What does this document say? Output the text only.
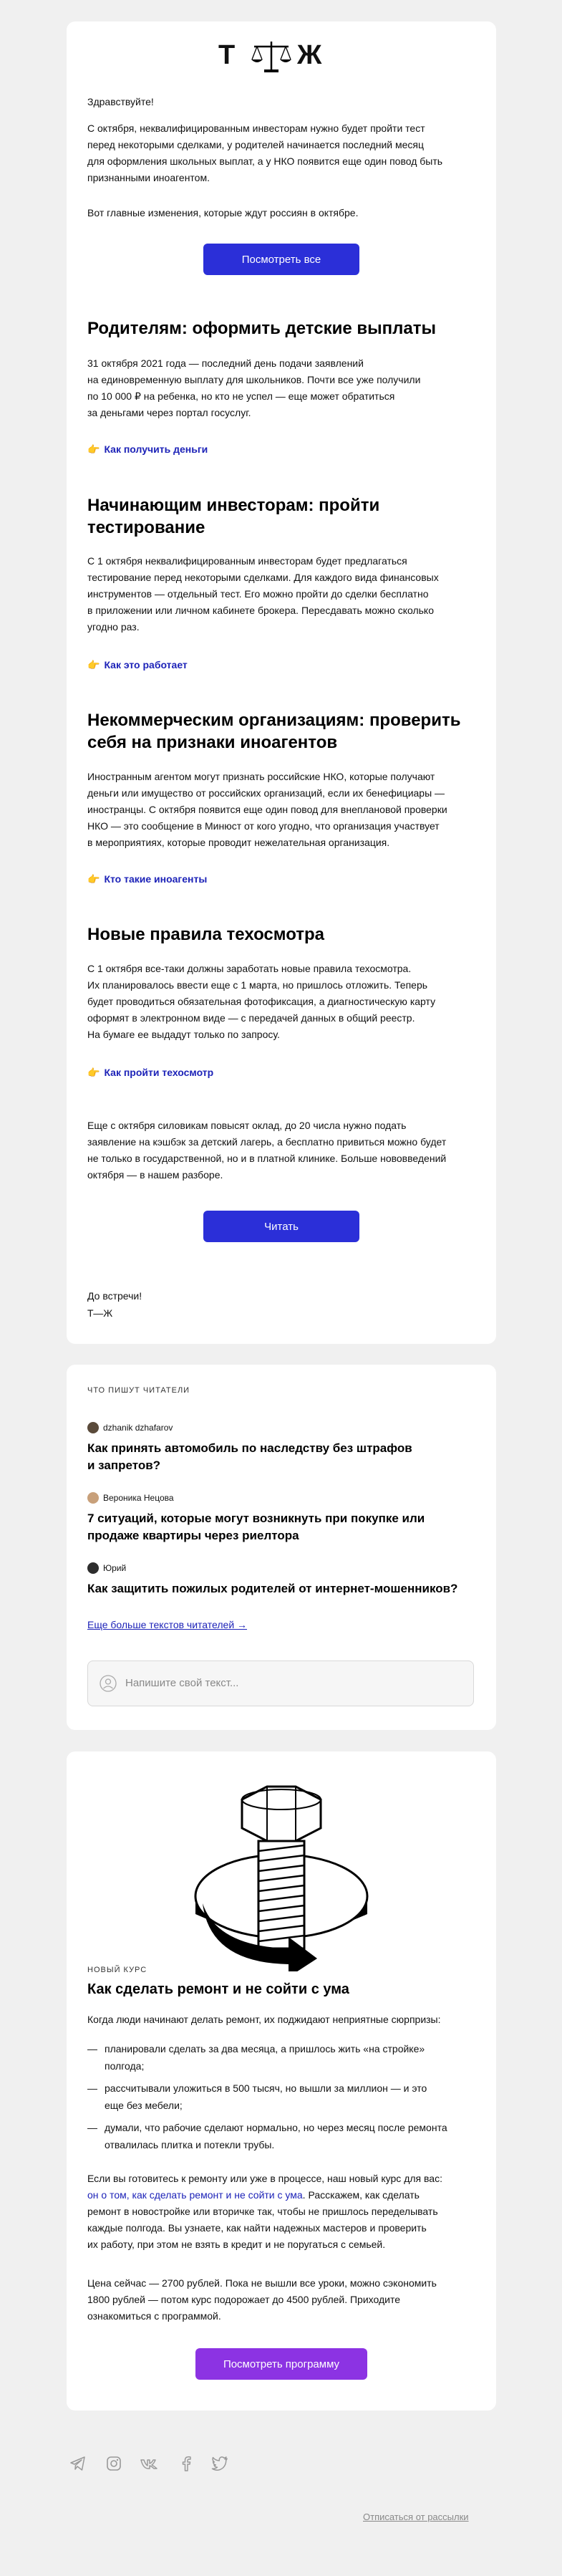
Т Ж

Здравствуйте!

С октября, неквалифицированным инвесторам нужно будет пройти тест
перед некоторыми сделками, у родителей начинается последний месяц
для оформления школьных выплат, а у НКО появится еще один повод быть
признанными иноагентом.

Вот главные изменения, которые ждут россиян в октябре.

Посмотреть все
Родителям: оформить детские выплаты

31 октября 2021 года — последний день подачи заявлений
на единовременную выплату для школьников. Почти все уже получили
по 10 000 ₽ на ребенка, но кто не успел — еще может обратиться
за деньгами через портал госуслуг.

👉 Как получить деньги
Начинающим инвесторам: пройти
тестирование

С 1 октября неквалифицированным инвесторам будет предлагаться
тестирование перед некоторыми сделками. Для каждого вида финансовых
инструментов — отдельный тест. Его можно пройти до сделки бесплатно
в приложении или личном кабинете брокера. Пересдавать можно сколько
угодно раз.

👉 Как это работает
Некоммерческим организациям: проверить
себя на признаки иноагентов

Иностранным агентом могут признать российские НКО, которые получают
деньги или имущество от российских организаций, если их бенефициары —
иностранцы. С октября появится еще один повод для внеплановой проверки
НКО — это сообщение в Минюст от кого угодно, что организация участвует
в мероприятиях, которые проводит нежелательная организация.

👉 Кто такие иноагенты
Новые правила техосмотра

С 1 октября все-таки должны заработать новые правила техосмотра.
Их планировалось ввести еще с 1 марта, но пришлось отложить. Теперь
будет проводиться обязательная фотофиксация, а диагностическую карту
оформят в электронном виде — с передачей данных в общий реестр.
На бумаге ее выдадут только по запросу.

👉 Как пройти техосмотр

Еще с октября силовикам повысят оклад, до 20 числа нужно подать
заявление на кэшбэк за детский лагерь, а бесплатно привиться можно будет
не только в государственной, но и в платной клинике. Больше нововведений
октября — в нашем разборе.

Читать

До встречи!

Т—Ж

ЧТО ПИШУТ ЧИТАТЕЛИ

dzhanik dzhafarov
Как принять автомобиль по наследству без штрафов
и запретов?
Вероника Нецова
7 ситуаций, которые могут возникнуть при покупке или
продаже квартиры через риелтора
Юрий
Как защитить пожилых родителей от интернет-мошенников?
Еще больше текстов читателей →
Напишите свой текст...

НОВЫЙ КУРС

Как сделать ремонт и не сойти с ума

Когда люди начинают делать ремонт, их поджидают неприятные сюрпризы:

— планировали сделать за два месяца, а пришлось жить «на стройке»
полгода;
— рассчитывали уложиться в 500 тысяч, но вышли за миллион — и это
еще без мебели;
— думали, что рабочие сделают нормально, но через месяц после ремонта
отвалилась плитка и потекли трубы.

Если вы готовитесь к ремонту или уже в процессе, наш новый курс для вас:
он о том, как сделать ремонт и не сойти с ума. Расскажем, как сделать
ремонт в новостройке или вторичке так, чтобы не пришлось переделывать
каждые полгода. Вы узнаете, как найти надежных мастеров и проверить
их работу, при этом не взять в кредит и не поругаться с семьей.

Цена сейчас — 2700 рублей. Пока не вышли все уроки, можно сэкономить
1800 рублей — потом курс подорожает до 4500 рублей. Приходите
ознакомиться с программой.

Посмотреть программу
Отписаться от рассылки
